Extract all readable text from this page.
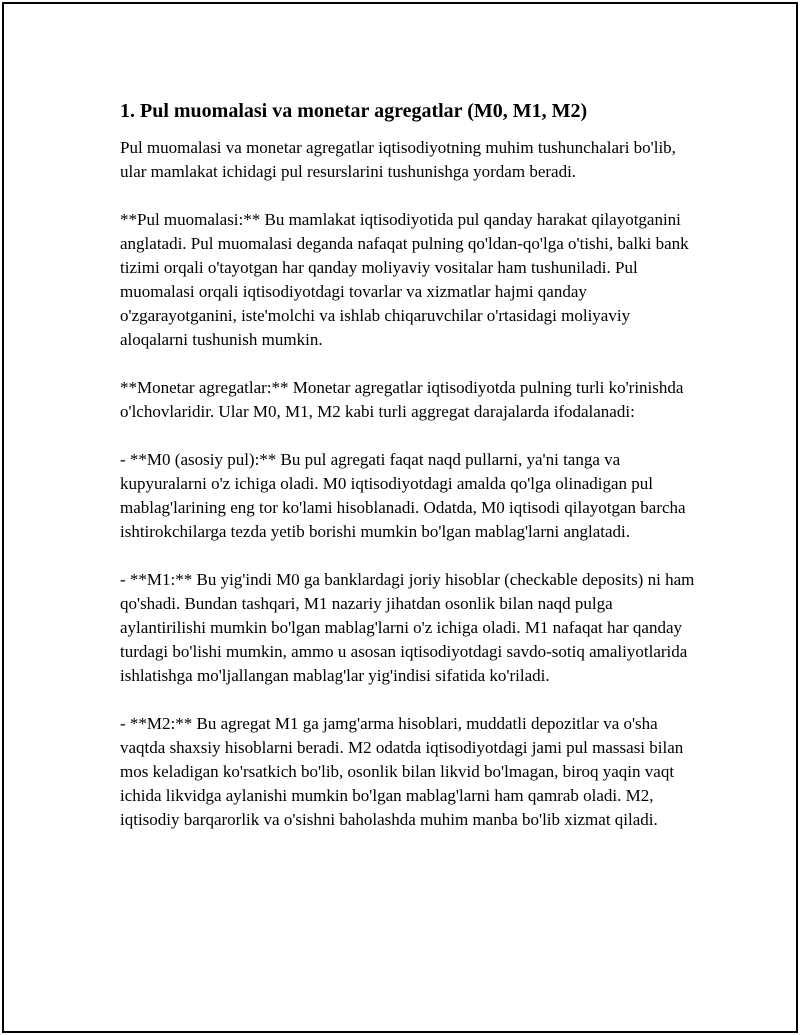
1. Pul muomalasi va monetar agregatlar (M0, M1, M2)

Pul muomalasi va monetar agregatlar iqtisodiyotning muhim tushunchalari bo'lib, ular mamlakat ichidagi pul resurslarini tushunishga yordam beradi.

**Pul muomalasi:** Bu mamlakat iqtisodiyotida pul qanday harakat qilayotganini anglatadi. Pul muomalasi deganda nafaqat pulning qo'ldan-qo'lga o'tishi, balki bank tizimi orqali o'tayotgan har qanday moliyaviy vositalar ham tushuniladi. Pul muomalasi orqali iqtisodiyotdagi tovarlar va xizmatlar hajmi qanday o'zgarayotganini, iste'molchi va ishlab chiqaruvchilar o'rtasidagi moliyaviy aloqalarni tushunish mumkin.

**Monetar agregatlar:** Monetar agregatlar iqtisodiyotda pulning turli ko'rinishda o'lchovlaridir. Ular M0, M1, M2 kabi turli aggregat darajalarda ifodalanadi:

- **M0 (asosiy pul):** Bu pul agregati faqat naqd pullarni, ya'ni tanga va kupyuralarni o'z ichiga oladi. M0 iqtisodiyotdagi amalda qo'lga olinadigan pul mablag'larining eng tor ko'lami hisoblanadi. Odatda, M0 iqtisodi qilayotgan barcha ishtirokchilarga tezda yetib borishi mumkin bo'lgan mablag'larni anglatadi.

- **M1:** Bu yig'indi M0 ga banklardagi joriy hisoblar (checkable deposits) ni ham qo'shadi. Bundan tashqari, M1 nazariy jihatdan osonlik bilan naqd pulga aylantirilishi mumkin bo'lgan mablag'larni o'z ichiga oladi. M1 nafaqat har qanday turdagi bo'lishi mumkin, ammo u asosan iqtisodiyotdagi savdo-sotiq amaliyotlarida ishlatishga mo'ljallangan mablag'lar yig'indisi sifatida ko'riladi.

- **M2:** Bu agregat M1 ga jamg'arma hisoblari, muddatli depozitlar va o'sha vaqtda shaxsiy hisoblarni beradi. M2 odatda iqtisodiyotdagi jami pul massasi bilan mos keladigan ko'rsatkich bo'lib, osonlik bilan likvid bo'lmagan, biroq yaqin vaqt ichida likvidga aylanishi mumkin bo'lgan mablag'larni ham qamrab oladi. M2, iqtisodiy barqarorlik va o'sishni baholashda muhim manba bo'lib xizmat qiladi.
